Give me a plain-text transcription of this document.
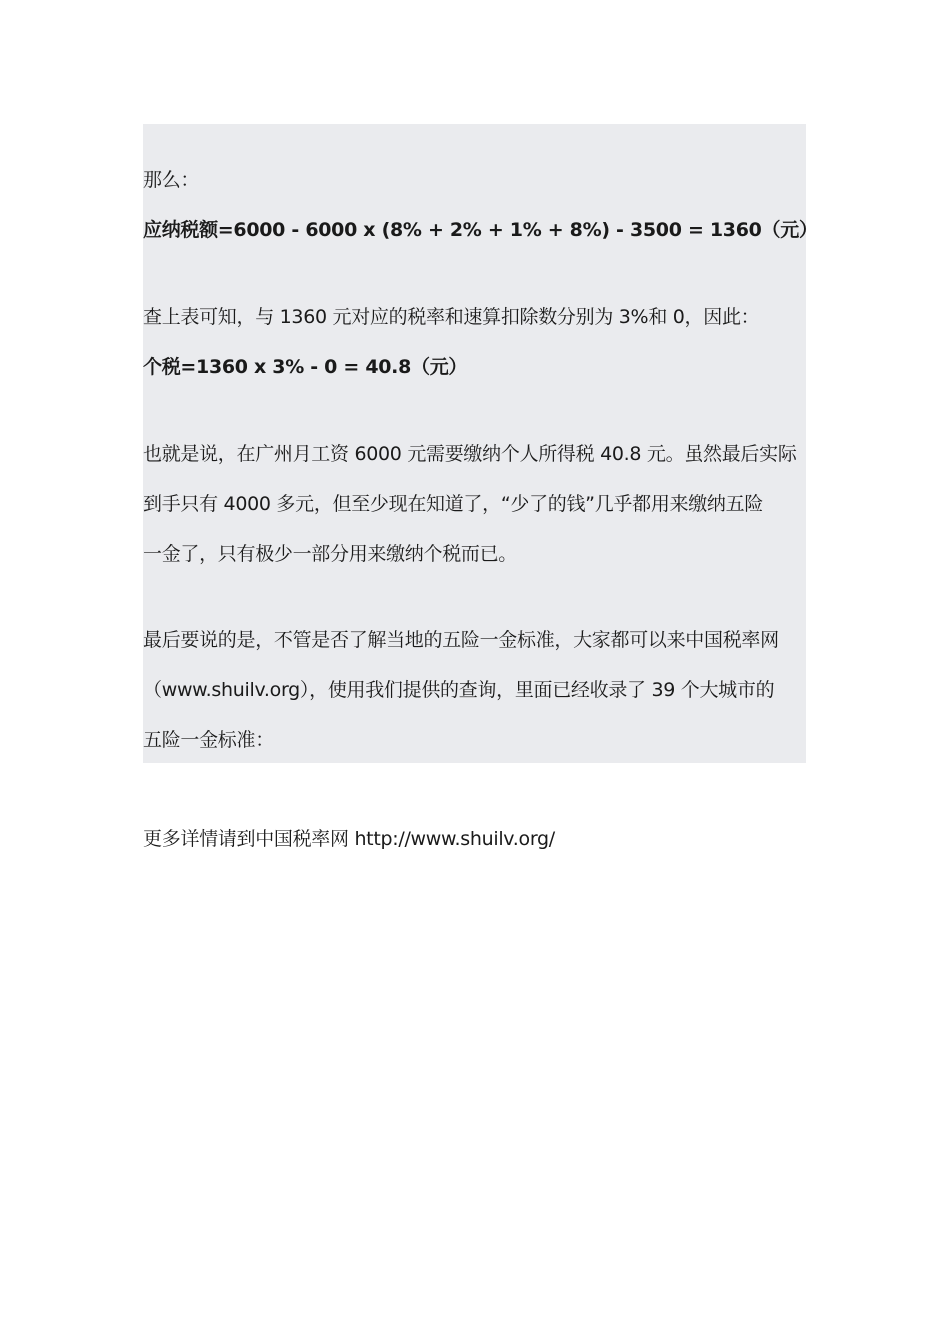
那么：
应纳税额=6000 - 6000 x (8% + 2% + 1% + 8%) - 3500 = 1360（元）
查上表可知，与 1360 元对应的税率和速算扣除数分别为 3%和 0，因此：
个税=1360 x 3% - 0 = 40.8（元）
也就是说，在广州月工资 6000 元需要缴纳个人所得税 40.8 元。虽然最后实际
到手只有 4000 多元，但至少现在知道了，“少了的钱”几乎都用来缴纳五险
一金了，只有极少一部分用来缴纳个税而已。
最后要说的是，不管是否了解当地的五险一金标准，大家都可以来中国税率网
（www.shuilv.org），使用我们提供的查询，里面已经收录了 39 个大城市的
五险一金标准：
更多详情请到中国税率网 http://www.shuilv.org/
